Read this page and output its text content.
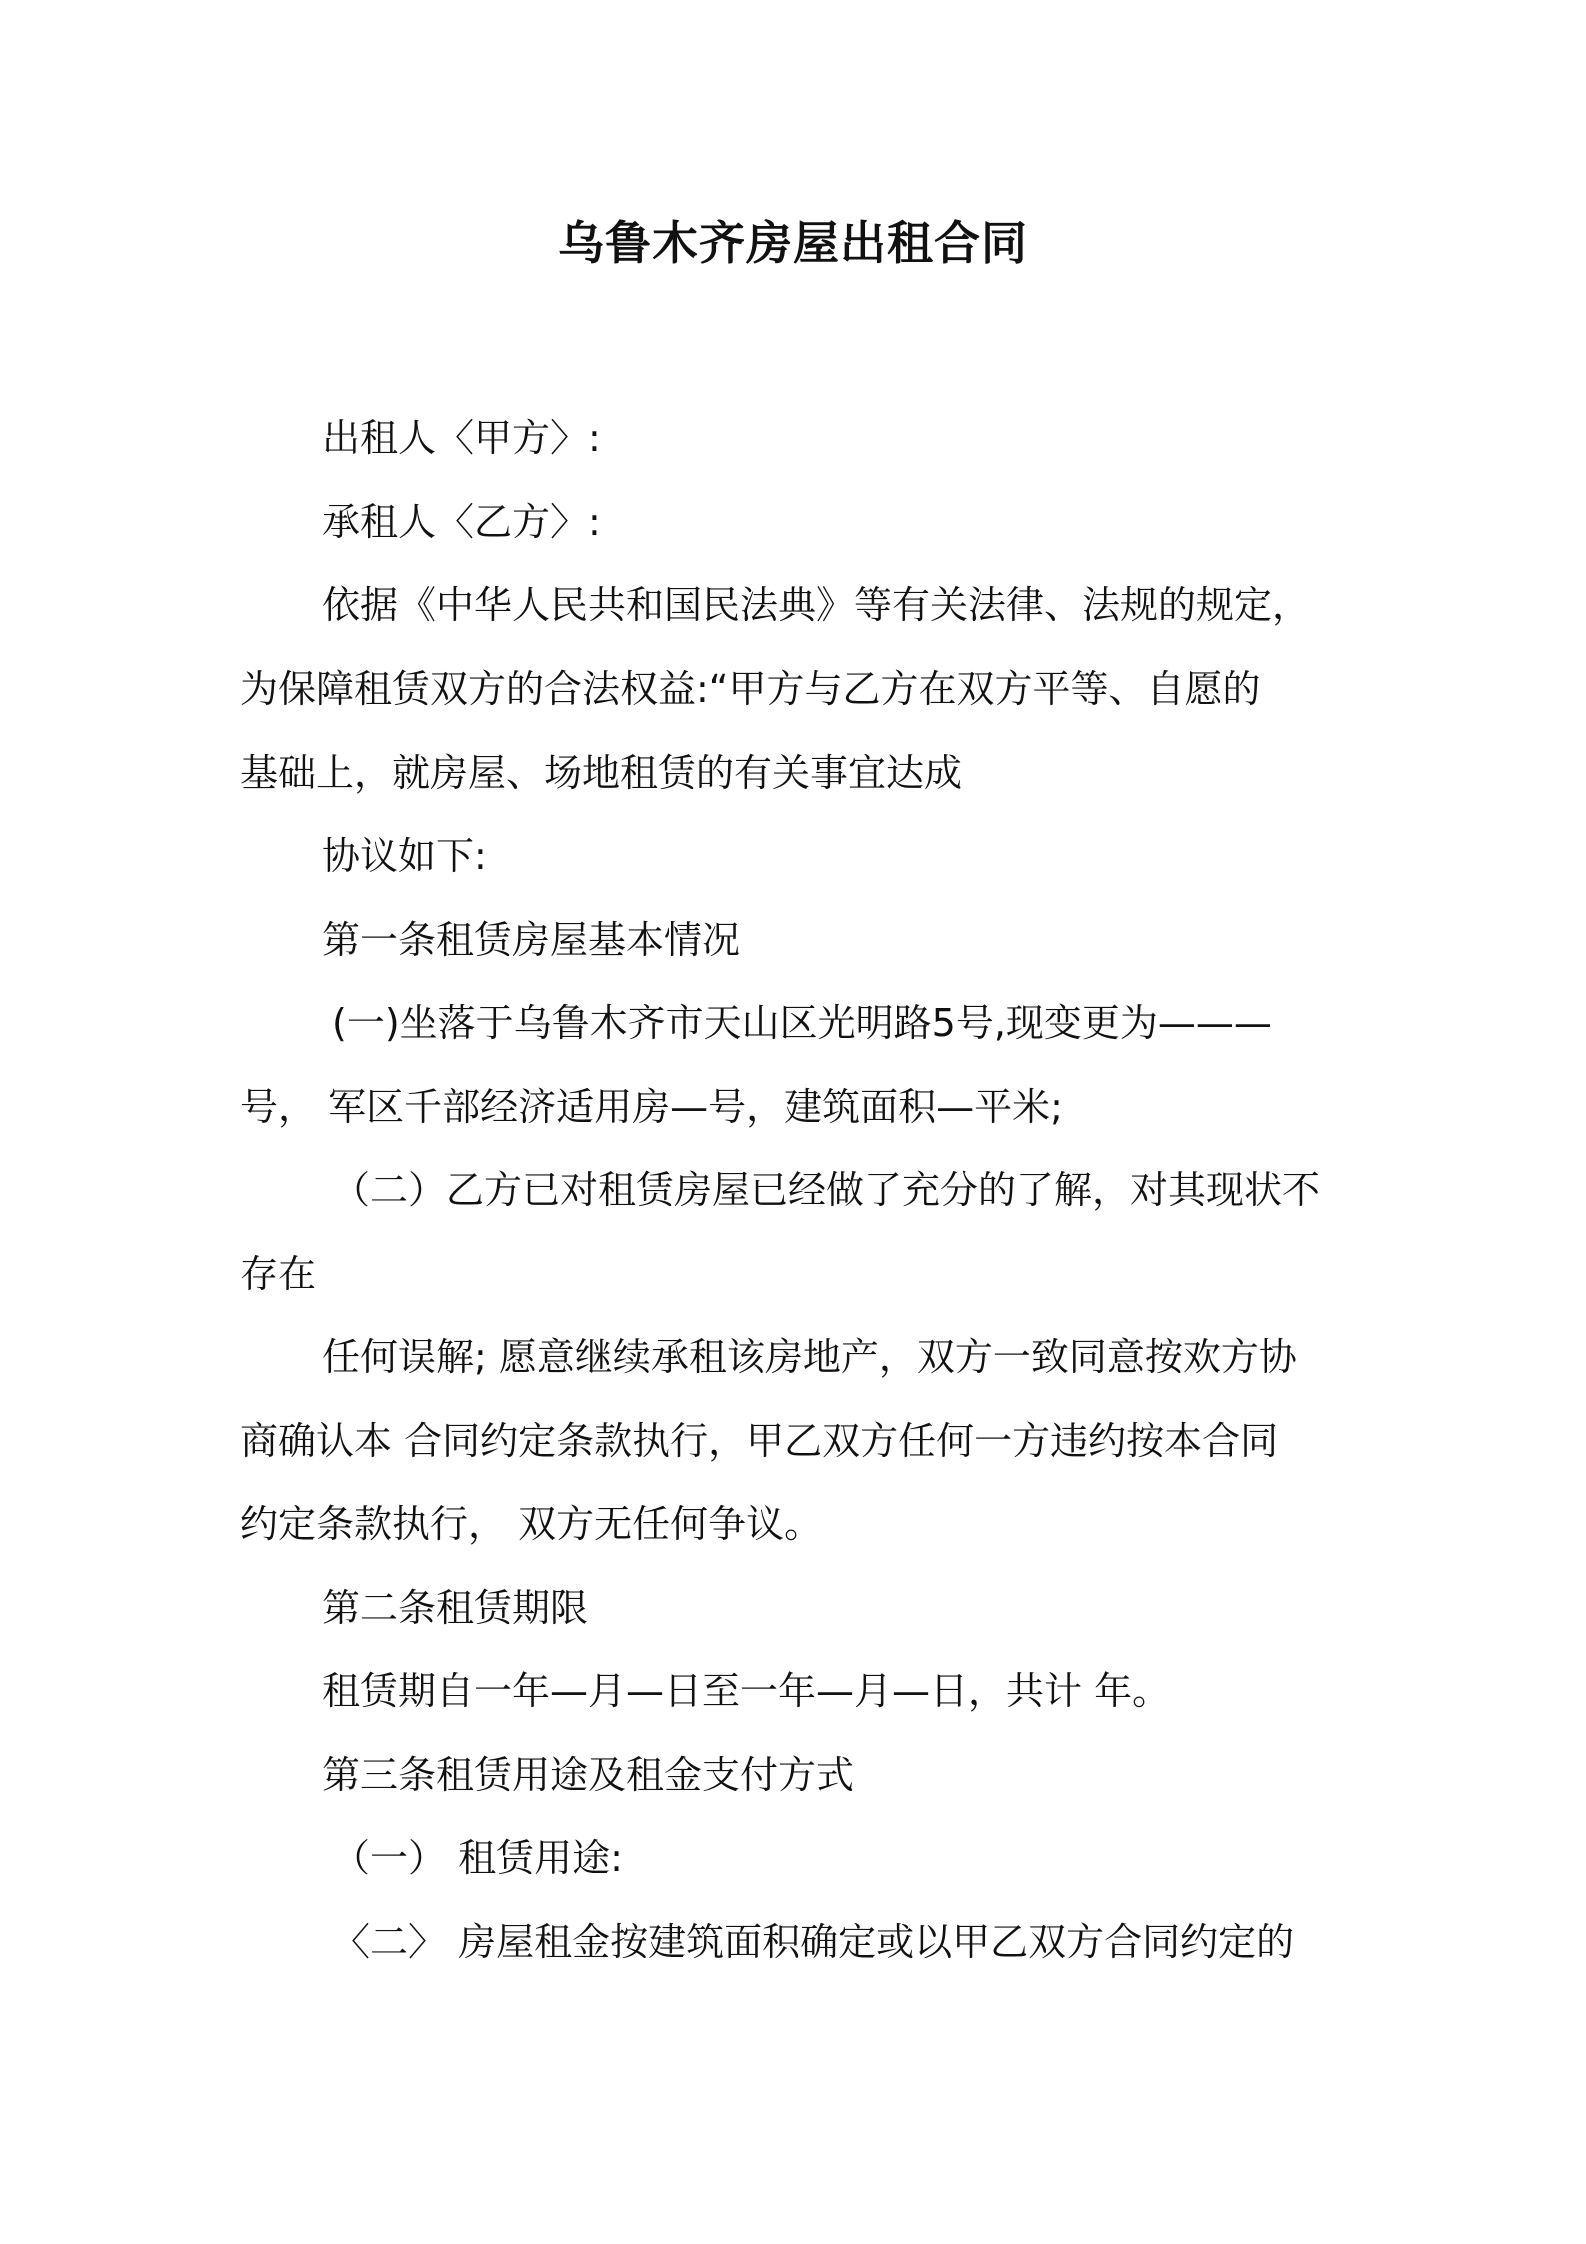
乌鲁木齐房屋出租合同
出租人〈甲方〉:
承租人〈乙方〉:
依据《中华人民共和国民法典》等有关法律、法规的规定，
为保障租赁双方的合法权益:“甲方与乙方在双方平等、自愿的
基础上，就房屋、场地租赁的有关事宜达成
协议如下:
第一条租赁房屋基本情况
(一)坐落于乌鲁木齐市天山区光明路5号,现变更为———
号， 军区千部经济适用房—号，建筑面积—平米;
（二）乙方已对租赁房屋已经做了充分的了解，对其现状不
存在
任何误解; 愿意继续承租该房地产，双方一致同意按欢方协
商确认本 合同约定条款执行，甲乙双方任何一方违约按本合同
约定条款执行， 双方无任何争议。
第二条租赁期限
租赁期自一年—月—日至一年—月—日，共计 年。
第三条租赁用途及租金支付方式
（一） 租赁用途:
〈二〉 房屋租金按建筑面积确定或以甲乙双方合同约定的
